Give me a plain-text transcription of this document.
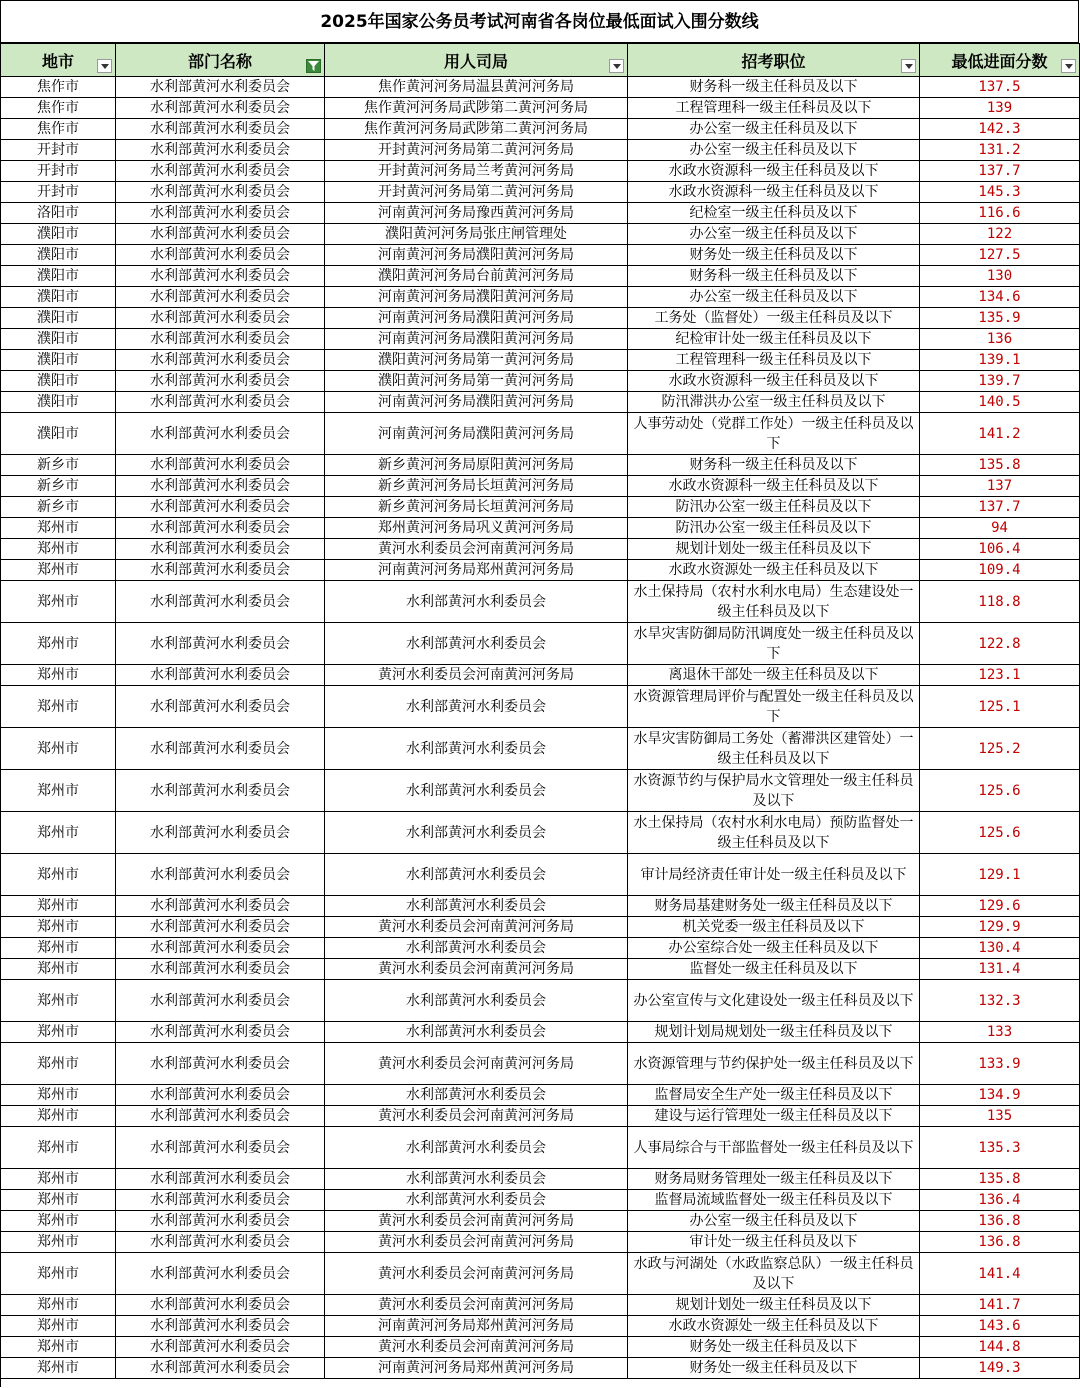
2025年国家公务员考试河南省各岗位最低面试入围分数线
地市	部门名称	用人司局	招考职位	最低进面分数

焦作市	水利部黄河水利委员会	焦作黄河河务局温县黄河河务局	财务科一级主任科员及以下	137.5
焦作市	水利部黄河水利委员会	焦作黄河河务局武陟第二黄河河务局	工程管理科一级主任科员及以下	139
焦作市	水利部黄河水利委员会	焦作黄河河务局武陟第二黄河河务局	办公室一级主任科员及以下	142.3
开封市	水利部黄河水利委员会	开封黄河河务局第二黄河河务局	办公室一级主任科员及以下	131.2
开封市	水利部黄河水利委员会	开封黄河河务局兰考黄河河务局	水政水资源科一级主任科员及以下	137.7
开封市	水利部黄河水利委员会	开封黄河河务局第二黄河河务局	水政水资源科一级主任科员及以下	145.3
洛阳市	水利部黄河水利委员会	河南黄河河务局豫西黄河河务局	纪检室一级主任科员及以下	116.6
濮阳市	水利部黄河水利委员会	濮阳黄河河务局张庄闸管理处	办公室一级主任科员及以下	122
濮阳市	水利部黄河水利委员会	河南黄河河务局濮阳黄河河务局	财务处一级主任科员及以下	127.5
濮阳市	水利部黄河水利委员会	濮阳黄河河务局台前黄河河务局	财务科一级主任科员及以下	130
濮阳市	水利部黄河水利委员会	河南黄河河务局濮阳黄河河务局	办公室一级主任科员及以下	134.6
濮阳市	水利部黄河水利委员会	河南黄河河务局濮阳黄河河务局	工务处（监督处）一级主任科员及以下	135.9
濮阳市	水利部黄河水利委员会	河南黄河河务局濮阳黄河河务局	纪检审计处一级主任科员及以下	136
濮阳市	水利部黄河水利委员会	濮阳黄河河务局第一黄河河务局	工程管理科一级主任科员及以下	139.1
濮阳市	水利部黄河水利委员会	濮阳黄河河务局第一黄河河务局	水政水资源科一级主任科员及以下	139.7
濮阳市	水利部黄河水利委员会	河南黄河河务局濮阳黄河河务局	防汛滞洪办公室一级主任科员及以下	140.5
濮阳市	水利部黄河水利委员会	河南黄河河务局濮阳黄河河务局	人事劳动处（党群工作处）一级主任科员及以下	141.2
新乡市	水利部黄河水利委员会	新乡黄河河务局原阳黄河河务局	财务科一级主任科员及以下	135.8
新乡市	水利部黄河水利委员会	新乡黄河河务局长垣黄河河务局	水政水资源科一级主任科员及以下	137
新乡市	水利部黄河水利委员会	新乡黄河河务局长垣黄河河务局	防汛办公室一级主任科员及以下	137.7
郑州市	水利部黄河水利委员会	郑州黄河河务局巩义黄河河务局	防汛办公室一级主任科员及以下	94
郑州市	水利部黄河水利委员会	黄河水利委员会河南黄河河务局	规划计划处一级主任科员及以下	106.4
郑州市	水利部黄河水利委员会	河南黄河河务局郑州黄河河务局	水政水资源处一级主任科员及以下	109.4
郑州市	水利部黄河水利委员会	水利部黄河水利委员会	水土保持局（农村水利水电局）生态建设处一级主任科员及以下	118.8
郑州市	水利部黄河水利委员会	水利部黄河水利委员会	水旱灾害防御局防汛调度处一级主任科员及以下	122.8
郑州市	水利部黄河水利委员会	黄河水利委员会河南黄河河务局	离退休干部处一级主任科员及以下	123.1
郑州市	水利部黄河水利委员会	水利部黄河水利委员会	水资源管理局评价与配置处一级主任科员及以下	125.1
郑州市	水利部黄河水利委员会	水利部黄河水利委员会	水旱灾害防御局工务处（蓄滞洪区建管处）一级主任科员及以下	125.2
郑州市	水利部黄河水利委员会	水利部黄河水利委员会	水资源节约与保护局水文管理处一级主任科员及以下	125.6
郑州市	水利部黄河水利委员会	水利部黄河水利委员会	水土保持局（农村水利水电局）预防监督处一级主任科员及以下	125.6
郑州市	水利部黄河水利委员会	水利部黄河水利委员会	审计局经济责任审计处一级主任科员及以下	129.1
郑州市	水利部黄河水利委员会	水利部黄河水利委员会	财务局基建财务处一级主任科员及以下	129.6
郑州市	水利部黄河水利委员会	黄河水利委员会河南黄河河务局	机关党委一级主任科员及以下	129.9
郑州市	水利部黄河水利委员会	水利部黄河水利委员会	办公室综合处一级主任科员及以下	130.4
郑州市	水利部黄河水利委员会	黄河水利委员会河南黄河河务局	监督处一级主任科员及以下	131.4
郑州市	水利部黄河水利委员会	水利部黄河水利委员会	办公室宣传与文化建设处一级主任科员及以下	132.3
郑州市	水利部黄河水利委员会	水利部黄河水利委员会	规划计划局规划处一级主任科员及以下	133
郑州市	水利部黄河水利委员会	黄河水利委员会河南黄河河务局	水资源管理与节约保护处一级主任科员及以下	133.9
郑州市	水利部黄河水利委员会	水利部黄河水利委员会	监督局安全生产处一级主任科员及以下	134.9
郑州市	水利部黄河水利委员会	黄河水利委员会河南黄河河务局	建设与运行管理处一级主任科员及以下	135
郑州市	水利部黄河水利委员会	水利部黄河水利委员会	人事局综合与干部监督处一级主任科员及以下	135.3
郑州市	水利部黄河水利委员会	水利部黄河水利委员会	财务局财务管理处一级主任科员及以下	135.8
郑州市	水利部黄河水利委员会	水利部黄河水利委员会	监督局流域监督处一级主任科员及以下	136.4
郑州市	水利部黄河水利委员会	黄河水利委员会河南黄河河务局	办公室一级主任科员及以下	136.8
郑州市	水利部黄河水利委员会	黄河水利委员会河南黄河河务局	审计处一级主任科员及以下	136.8
郑州市	水利部黄河水利委员会	黄河水利委员会河南黄河河务局	水政与河湖处（水政监察总队）一级主任科员及以下	141.4
郑州市	水利部黄河水利委员会	黄河水利委员会河南黄河河务局	规划计划处一级主任科员及以下	141.7
郑州市	水利部黄河水利委员会	河南黄河河务局郑州黄河河务局	水政水资源处一级主任科员及以下	143.6
郑州市	水利部黄河水利委员会	黄河水利委员会河南黄河河务局	财务处一级主任科员及以下	144.8
郑州市	水利部黄河水利委员会	河南黄河河务局郑州黄河河务局	财务处一级主任科员及以下	149.3
